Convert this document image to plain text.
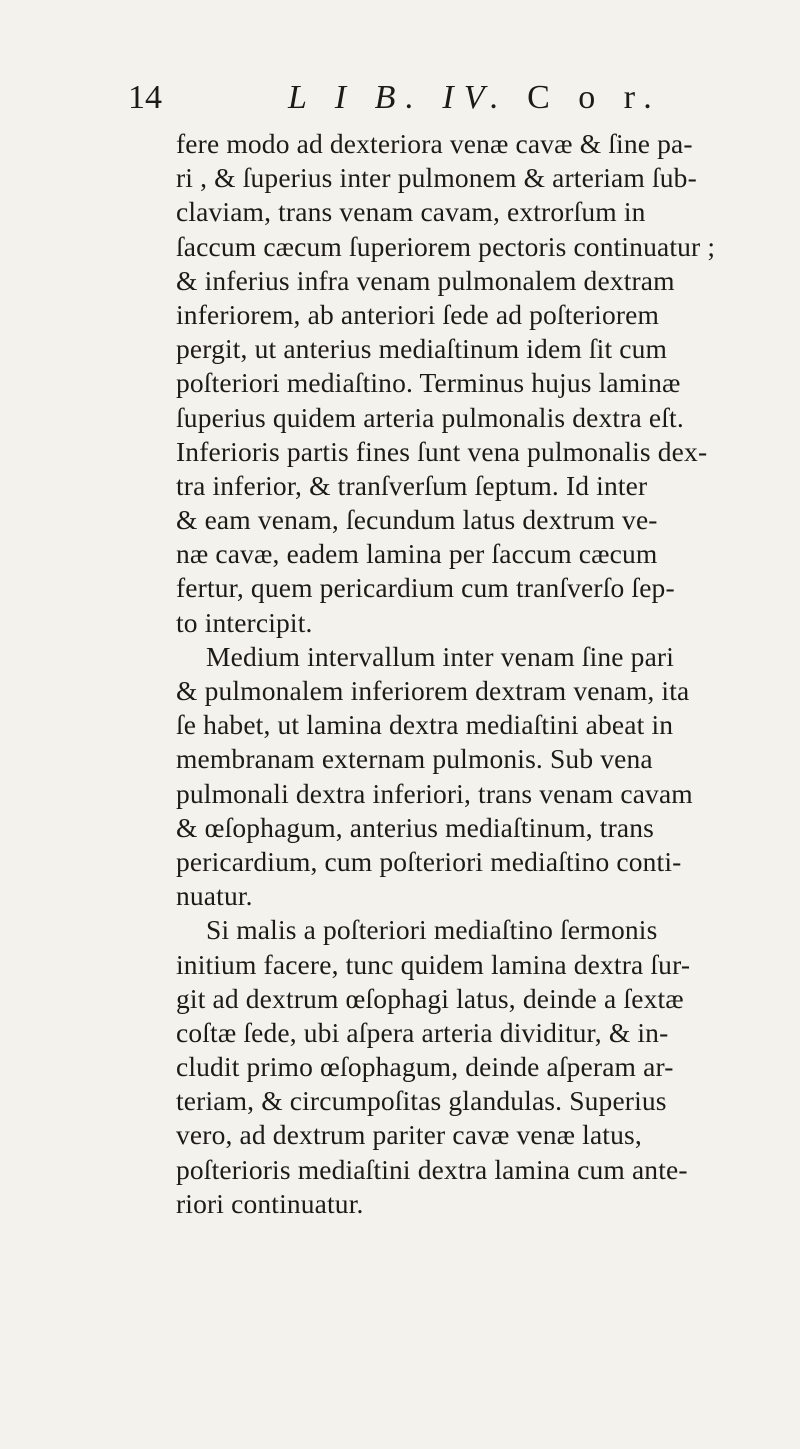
14	L I B. IV. C o r.
fere modo ad dexteriora venæ cavæ & ſine pa-
ri , & ſuperius inter pulmonem & arteriam ſub-
claviam, trans venam cavam, extrorſum in
ſaccum cæcum ſuperiorem pectoris continuatur ;
& inferius infra venam pulmonalem dextram
inferiorem, ab anteriori ſede ad poſteriorem
pergit, ut anterius mediaſtinum idem ſit cum
poſteriori mediaſtino. Terminus hujus laminæ
ſuperius quidem arteria pulmonalis dextra eſt.
Inferioris partis fines ſunt vena pulmonalis dex-
tra inferior, & tranſverſum ſeptum. Id inter
& eam venam, ſecundum latus dextrum ve-
næ cavæ, eadem lamina per ſaccum cæcum
fertur, quem pericardium cum tranſverſo ſep-
to intercipit.
Medium intervallum inter venam ſine pari
& pulmonalem inferiorem dextram venam, ita
ſe habet, ut lamina dextra mediaſtini abeat in
membranam externam pulmonis. Sub vena
pulmonali dextra inferiori, trans venam cavam
& œſophagum, anterius mediaſtinum, trans
pericardium, cum poſteriori mediaſtino conti-
nuatur.
Si malis a poſteriori mediaſtino ſermonis
initium facere, tunc quidem lamina dextra ſur-
git ad dextrum œſophagi latus, deinde a ſextæ
coſtæ ſede, ubi aſpera arteria dividitur, & in-
cludit primo œſophagum, deinde aſperam ar-
teriam, & circumpoſitas glandulas. Superius
vero, ad dextrum pariter cavæ venæ latus,
poſterioris mediaſtini dextra lamina cum ante-
riori continuatur.
